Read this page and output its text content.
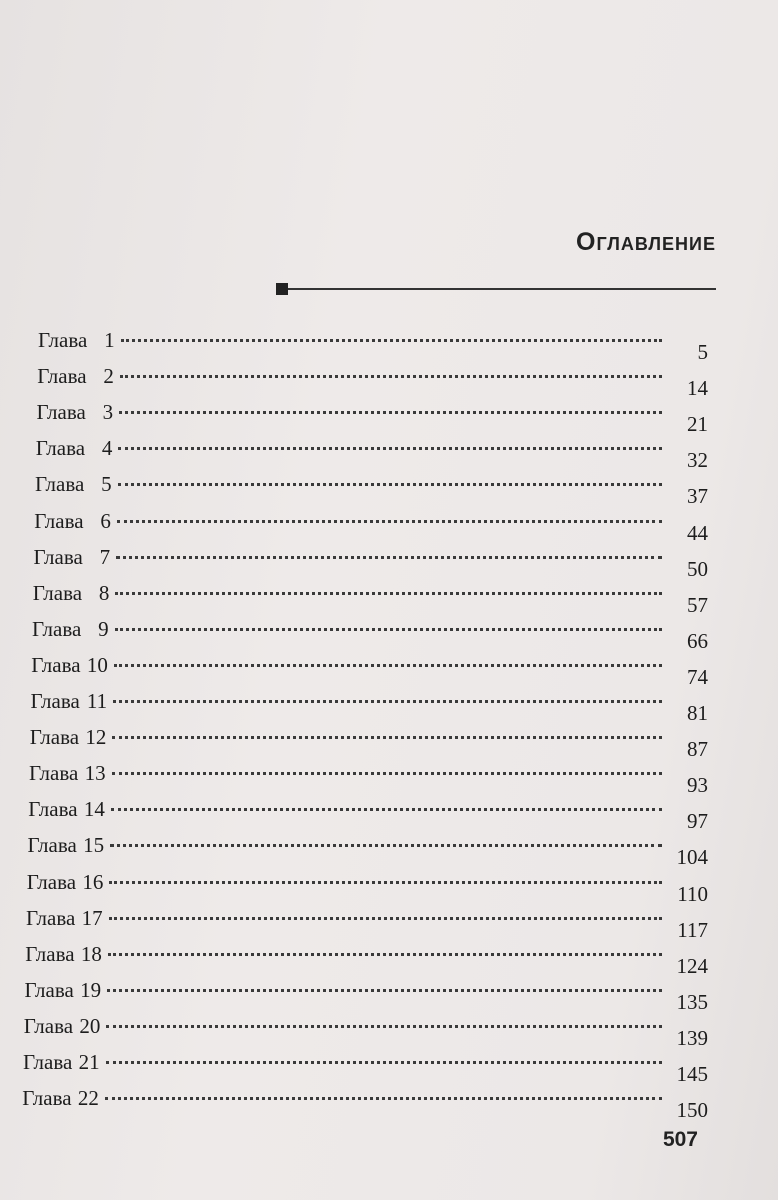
Оглавление
Глава 1	5
Глава 2	14
Глава 3	21
Глава 4	32
Глава 5	37
Глава 6	44
Глава 7	50
Глава 8	57
Глава 9	66
Глава 10	74
Глава 11	81
Глава 12	87
Глава 13	93
Глава 14	97
Глава 15	104
Глава 16	110
Глава 17	117
Глава 18	124
Глава 19	135
Глава 20	139
Глава 21	145
Глава 22	150
507
